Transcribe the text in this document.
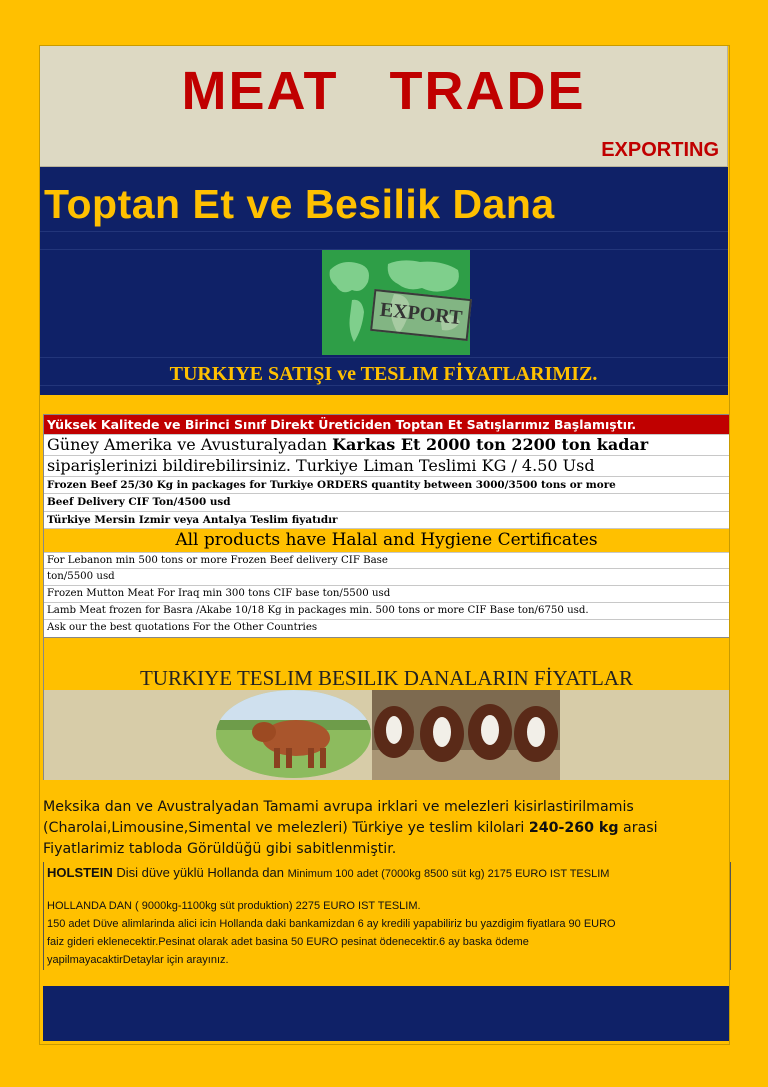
MEAT   TRADE
EXPORTING
Toptan Et ve Besilik Dana
EXPORT
TURKIYE SATIŞI ve TESLIM FİYATLARIMIZ.
Yüksek Kalitede ve Birinci Sınıf Direkt Üreticiden Toptan Et Satışlarımız Başlamıştır.
Güney Amerika ve Avusturalyadan Karkas Et 2000 ton 2200 ton kadar
siparişlerinizi bildirebilirsiniz. Turkiye Liman Teslimi KG / 4.50 Usd
Frozen Beef 25/30 Kg in packages for Turkiye ORDERS quantity between 3000/3500 tons or more
Beef Delivery CIF Ton/4500 usd
Türkiye Mersin Izmir veya Antalya Teslim fiyatıdır
All products have Halal and Hygiene Certificates
For Lebanon min 500 tons or more Frozen Beef delivery CIF Base
ton/5500 usd
Frozen Mutton Meat For Iraq min 300 tons CIF base ton/5500 usd
Lamb Meat frozen for Basra /Akabe 10/18 Kg in packages min. 500 tons or more CIF Base ton/6750 usd.
Ask our the best quotations For the Other Countries
TURKIYE TESLIM BESILIK DANALARIN FİYATLAR
Meksika dan ve Avustralyadan Tamami avrupa irklari ve melezleri kisirlastirilmamis
(Charolai,Limousine,Simental ve melezleri) Türkiye ye teslim kilolari 240-260 kg arasi
Fiyatlarimiz tabloda Görüldüğü gibi sabitlenmiştir.
HOLSTEIN Disi düve yüklü Hollanda dan Minimum 100 adet (7000kg 8500 süt kg) 2175 EURO IST TESLIM
HOLLANDA DAN ( 9000kg-1100kg süt produktion) 2275 EURO IST TESLIM.
150 adet Düve alimlarinda alici icin Hollanda daki bankamizdan 6 ay kredili yapabiliriz bu yazdigim fiyatlara 90 EURO
faiz gideri eklenecektir.Pesinat olarak adet basina 50 EURO pesinat ödenecektir.6 ay baska ödeme
yapilmayacaktirDetaylar için arayınız.
